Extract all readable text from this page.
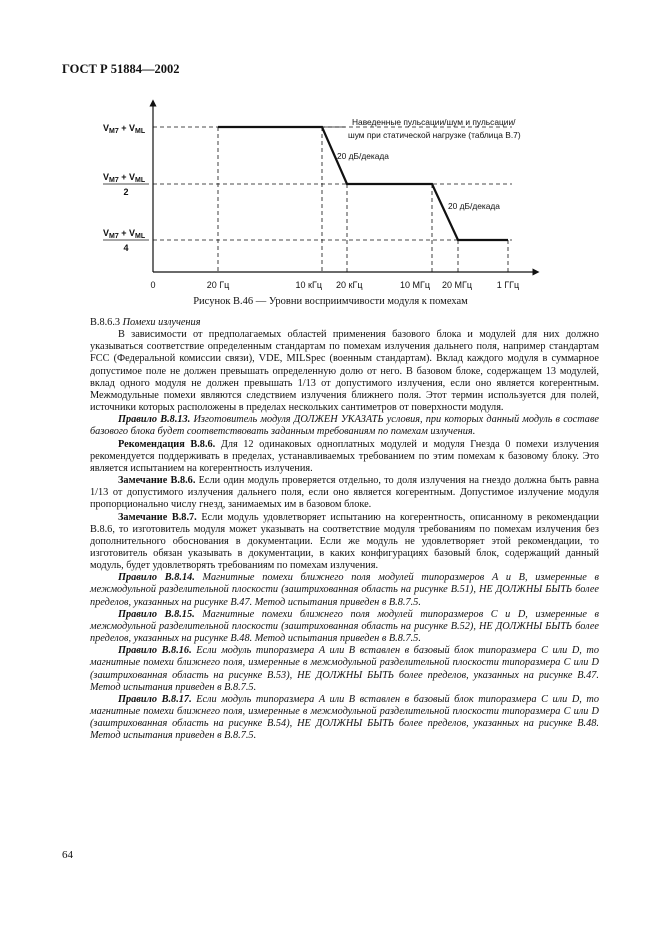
ГОСТ Р 51884—2002
0	20 Гц	10 кГц 20 кГц	10 МГц 20 МГц	1 ГГц
$V_{M7} + V_{ML}$
$V_{M7} + V_{ML}$
2
$V_{M7} + V_{ML}$
4
Наведенные пульсации/шум и пульсации/
шум при статической нагрузке (таблица В.7)
20 дБ/декада
20 дБ/декада
Рисунок В.46 — Уровни восприимчивости модуля к помехам

В.8.6.3 Помехи излучения

В зависимости от предполагаемых областей применения базового блока и модулей для них должно указываться соответствие определенным стандартам по помехам излучения дальнего поля, например стандартам FCC (Федеральной комиссии связи), VDE, MILSpec (военным стандартам). Вклад каждого модуля в суммарное допустимое поле не должен превышать определенную долю от него. В базовом блоке, содержащем 13 модулей, вклад одного модуля не должен превышать 1/13 от допустимого излучения, если оно является когерентным. Межмодульные помехи являются следствием излучения ближнего поля. Этот термин используется для полей, источники которых расположены в пределах нескольких сантиметров от поверхности модуля.

Правило В.8.13. Изготовитель модуля ДОЛЖЕН УКАЗАТЬ условия, при которых данный модуль в составе базового блока будет соответствовать заданным требованиям по помехам излучения.

Рекомендация В.8.6. Для 12 одинаковых одноплатных модулей и модуля Гнезда 0 помехи излучения рекомендуется поддерживать в пределах, устанавливаемых требованием по этим помехам к базовому блоку. Это является испытанием на когерентность излучения.

Замечание В.8.6. Если один модуль проверяется отдельно, то доля излучения на гнездо должна быть равна 1/13 от допустимого излучения дальнего поля, если оно является когерентным. Допустимое излучение модуля пропорционально числу гнезд, занимаемых им в базовом блоке.

Замечание В.8.7. Если модуль удовлетворяет испытанию на когерентность, описанному в рекомендации В.8.6, то изготовитель модуля может указывать на соответствие модуля требованиям по помехам излучения без дополнительного обоснования в документации. Если же модуль не удовлетворяет этой рекомендации, то изготовитель обязан указывать в документации, в каких конфигурациях базовый блок, содержащий данный модуль, будет удовлетворять требованиям по помехам излучения.

Правило В.8.14. Магнитные помехи ближнего поля модулей типоразмеров A и B, измеренные в межмодульной разделительной плоскости (заштрихованная область на рисунке В.51), НЕ ДОЛЖНЫ БЫТЬ более пределов, указанных на рисунке В.47. Метод испытания приведен в В.8.7.5.

Правило В.8.15. Магнитные помехи ближнего поля модулей типоразмеров C и D, измеренные в межмодульной разделительной плоскости (заштрихованная область на рисунке В.52), НЕ ДОЛЖНЫ БЫТЬ более пределов, указанных на рисунке В.48. Метод испытания приведен в В.8.7.5.

Правило В.8.16. Если модуль типоразмера A или B вставлен в базовый блок типоразмера C или D, то магнитные помехи ближнего поля, измеренные в межмодульной разделительной плоскости типоразмера C или D (заштрихованная область на рисунке В.53), НЕ ДОЛЖНЫ БЫТЬ более пределов, указанных на рисунке В.47. Метод испытания приведен в В.8.7.5.

Правило В.8.17. Если модуль типоразмера A или B вставлен в базовый блок типоразмера C или D, то магнитные помехи ближнего поля, измеренные в межмодульной разделительной плоскости типоразмера C или D (заштрихованная область на рисунке В.54), НЕ ДОЛЖНЫ БЫТЬ более пределов, указанных на рисунке В.48. Метод испытания приведен в В.8.7.5.

64
